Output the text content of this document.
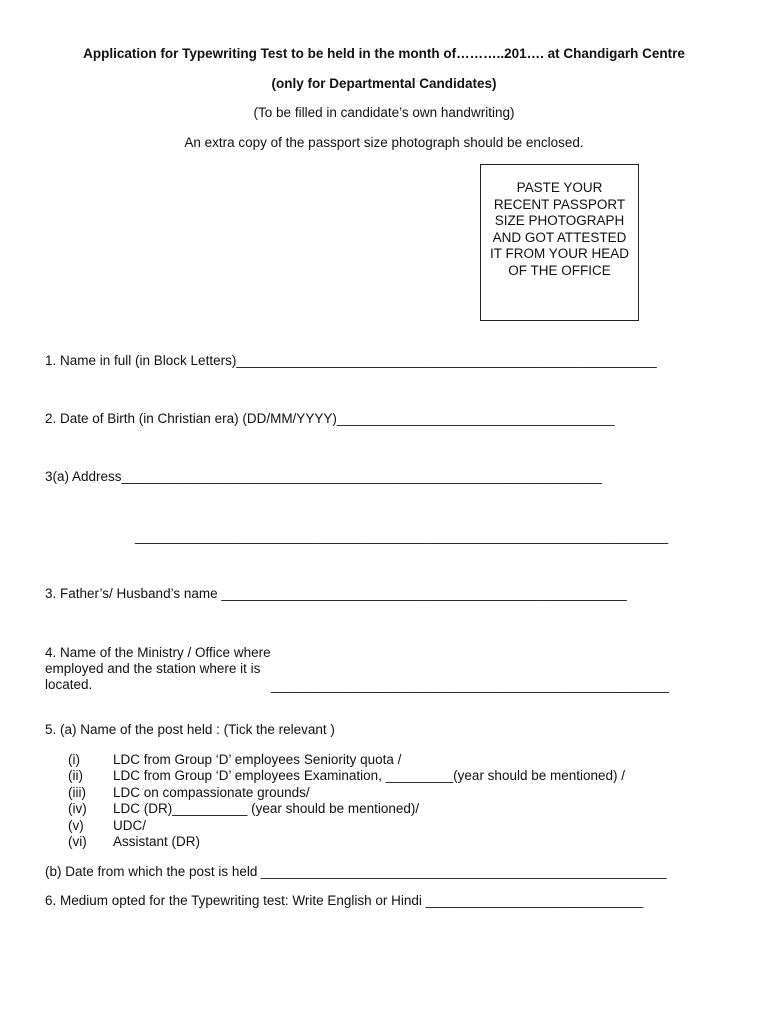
Application for Typewriting Test to be held in the month of………..201…. at Chandigarh Centre
(only for Departmental Candidates)
(To be filled in candidate’s own handwriting)
An extra copy of the passport size photograph should be enclosed.
PASTE YOUR
RECENT PASSPORT
SIZE PHOTOGRAPH
AND GOT ATTESTED
IT FROM YOUR HEAD
OF THE OFFICE
1. Name in full (in Block Letters)________________________________________________________
2. Date of Birth (in Christian era) (DD/MM/YYYY)_____________________________________
3(a) Address________________________________________________________________
_______________________________________________________________________
3. Father’s/ Husband’s name ______________________________________________________
4. Name of the Ministry / Office where
employed and the station where it is
located.	_____________________________________________________
5. (a) Name of the post held : (Tick the relevant )
(i) LDC from Group ‘D’ employees Seniority quota /
(ii) LDC from Group ‘D’ employees Examination, _________(year should be mentioned) /
(iii) LDC on compassionate grounds/
(iv) LDC (DR)__________ (year should be mentioned)/
(v) UDC/
(vi) Assistant (DR)
(b) Date from which the post is held ______________________________________________________
6. Medium opted for the Typewriting test: Write English or Hindi _____________________________
